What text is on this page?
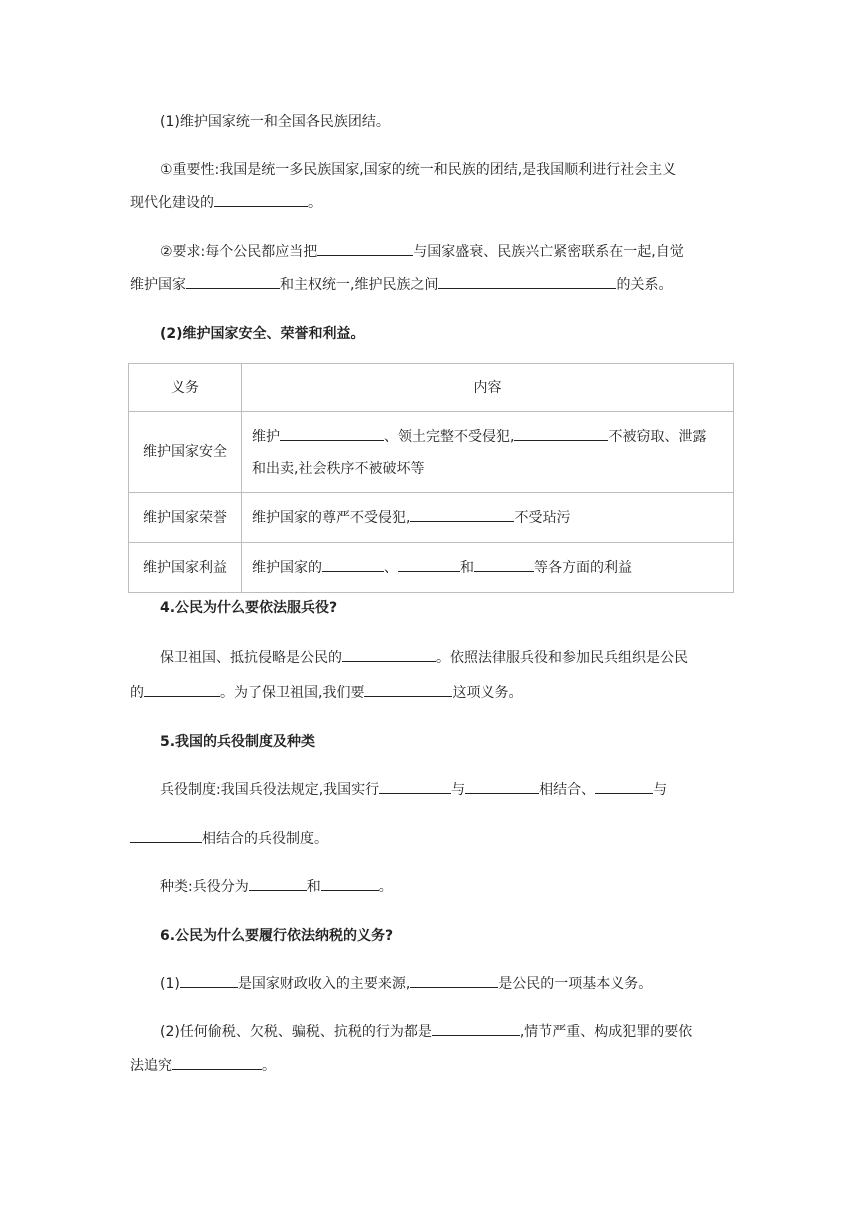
(1)维护国家统一和全国各民族团结。
①重要性:我国是统一多民族国家,国家的统一和民族的团结,是我国顺利进行社会主义
现代化建设的	。
②要求:每个公民都应当把	与国家盛衰、民族兴亡紧密联系在一起,自觉
维护国家	和主权统一,维护民族之间	的关系。
(2)维护国家安全、荣誉和利益。
义务	内容
维护国家安全	维护 、领土完整不受侵犯, 不被窃取、泄露
和出卖,社会秩序不被破坏等

维护国家荣誉	维护国家的尊严不受侵犯, 不受玷污
维护国家利益	维护国家的 、 和 等各方面的利益
4.公民为什么要依法服兵役?
保卫祖国、抵抗侵略是公民的	。依照法律服兵役和参加民兵组织是公民
的	。为了保卫祖国,我们要	这项义务。
5.我国的兵役制度及种类
兵役制度:我国兵役法规定,我国实行	与	相结合、	与
相结合的兵役制度。
种类:兵役分为	和	。
6.公民为什么要履行依法纳税的义务?
(1)	是国家财政收入的主要来源,	是公民的一项基本义务。
(2)任何偷税、欠税、骗税、抗税的行为都是	,情节严重、构成犯罪的要依
法追究	。
